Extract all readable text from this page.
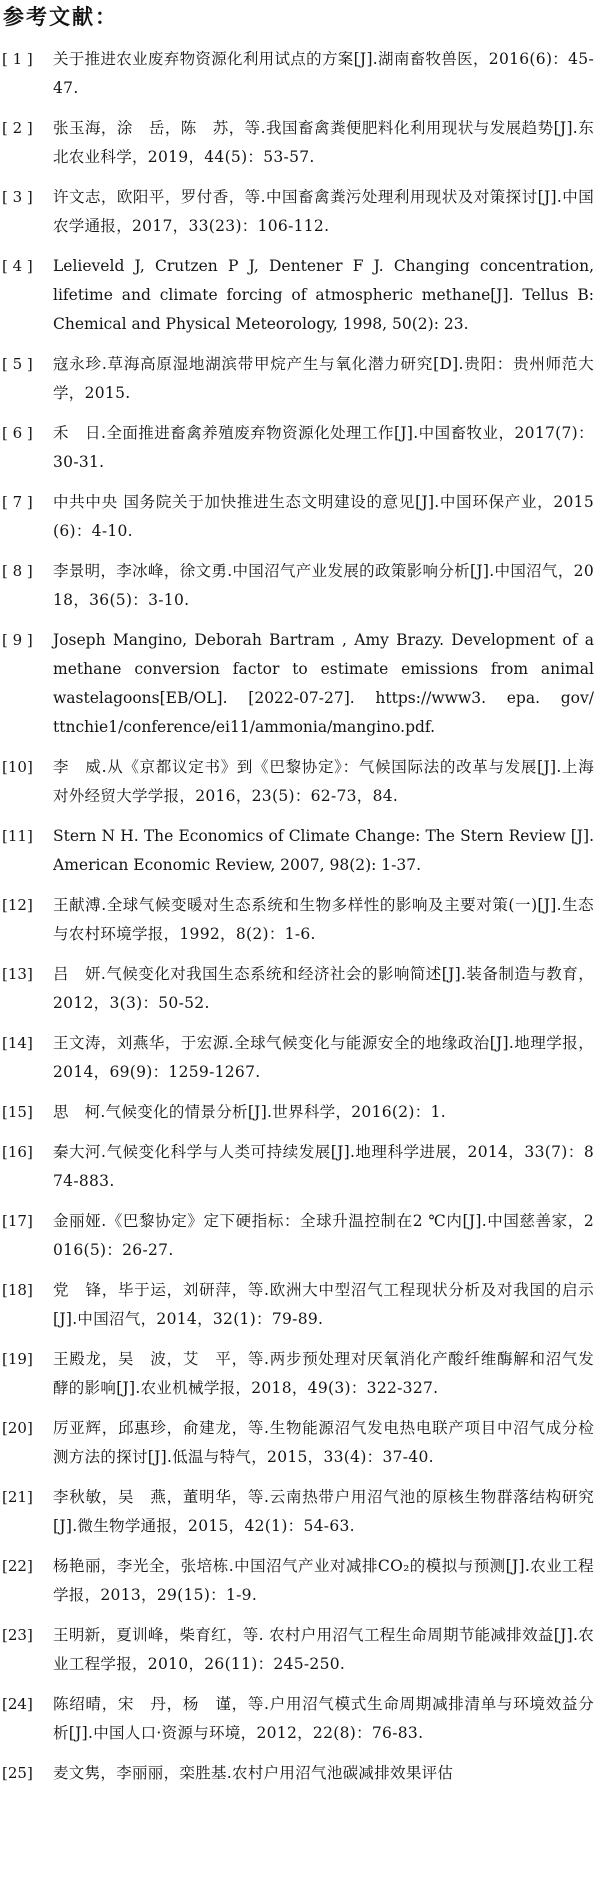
参考文献：
[ 1 ]	关于推进农业废弃物资源化利用试点的方案[J].湖南畜牧兽医，2016(6)：45-47.
[ 2 ]	张玉海，涂　岳，陈　苏，等.我国畜禽粪便肥料化利用现状与发展趋势[J].东北农业科学，2019，44(5)：53-57.
[ 3 ]	许文志，欧阳平，罗付香，等.中国畜禽粪污处理利用现状及对策探讨[J].中国农学通报，2017，33(23)：106-112.
[ 4 ]	Lelieveld J, Crutzen P J, Dentener F J. Changing concentration, lifetime and climate forcing of atmospheric methane[J]. Tellus B: Chemical and Physical Meteorology, 1998, 50(2): 23.
[ 5 ]	寇永珍.草海高原湿地湖滨带甲烷产生与氧化潜力研究[D].贵阳：贵州师范大学，2015.
[ 6 ]	禾　日.全面推进畜禽养殖废弃物资源化处理工作[J].中国畜牧业，2017(7)：30-31.
[ 7 ]	中共中央 国务院关于加快推进生态文明建设的意见[J].中国环保产业，2015(6)：4-10.
[ 8 ]	李景明，李冰峰，徐文勇.中国沼气产业发展的政策影响分析[J].中国沼气，2018，36(5)：3-10.
[ 9 ]	Joseph Mangino, Deborah Bartram , Amy Brazy. Development of a methane conversion factor to estimate emissions from animal wastelagoons[EB/OL]. [2022-07-27]. https://www3. epa. gov/ ttnchie1/conference/ei11/ammonia/mangino.pdf.
[10]	李　威.从《京都议定书》到《巴黎协定》：气候国际法的改革与发展[J].上海对外经贸大学学报，2016，23(5)：62-73，84.
[11]	Stern N H. The Economics of Climate Change: The Stern Review [J]. American Economic Review, 2007, 98(2): 1-37.
[12]	王献溥.全球气候变暖对生态系统和生物多样性的影响及主要对策(一)[J].生态与农村环境学报，1992，8(2)：1-6.
[13]	吕　妍.气候变化对我国生态系统和经济社会的影响简述[J].装备制造与教育，2012，3(3)：50-52.
[14]	王文涛，刘燕华，于宏源.全球气候变化与能源安全的地缘政治[J].地理学报，2014，69(9)：1259-1267.
[15]	思　柯.气候变化的情景分析[J].世界科学，2016(2)：1.
[16]	秦大河.气候变化科学与人类可持续发展[J].地理科学进展，2014，33(7)：874-883.
[17]	金丽娅.《巴黎协定》定下硬指标：全球升温控制在2 ℃内[J].中国慈善家，2016(5)：26-27.
[18]	党　锋，毕于运，刘研萍，等.欧洲大中型沼气工程现状分析及对我国的启示[J].中国沼气，2014，32(1)：79-89.
[19]	王殿龙，吴　波，艾　平，等.两步预处理对厌氧消化产酸纤维酶解和沼气发酵的影响[J].农业机械学报，2018，49(3)：322-327.
[20]	厉亚辉，邱惠珍，俞建龙，等.生物能源沼气发电热电联产项目中沼气成分检测方法的探讨[J].低温与特气，2015，33(4)：37-40.
[21]	李秋敏，吴　燕，董明华，等.云南热带户用沼气池的原核生物群落结构研究[J].微生物学通报，2015，42(1)：54-63.
[22]	杨艳丽，李光全，张培栋.中国沼气产业对减排CO₂的模拟与预测[J].农业工程学报，2013，29(15)：1-9.
[23]	王明新，夏训峰，柴育红，等. 农村户用沼气工程生命周期节能减排效益[J].农业工程学报，2010，26(11)：245-250.
[24]	陈绍晴，宋　丹，杨　谨，等.户用沼气模式生命周期减排清单与环境效益分析[J].中国人口·资源与环境，2012，22(8)：76-83.
[25]	麦文隽，李丽丽，栾胜基.农村户用沼气池碳减排效果评估
